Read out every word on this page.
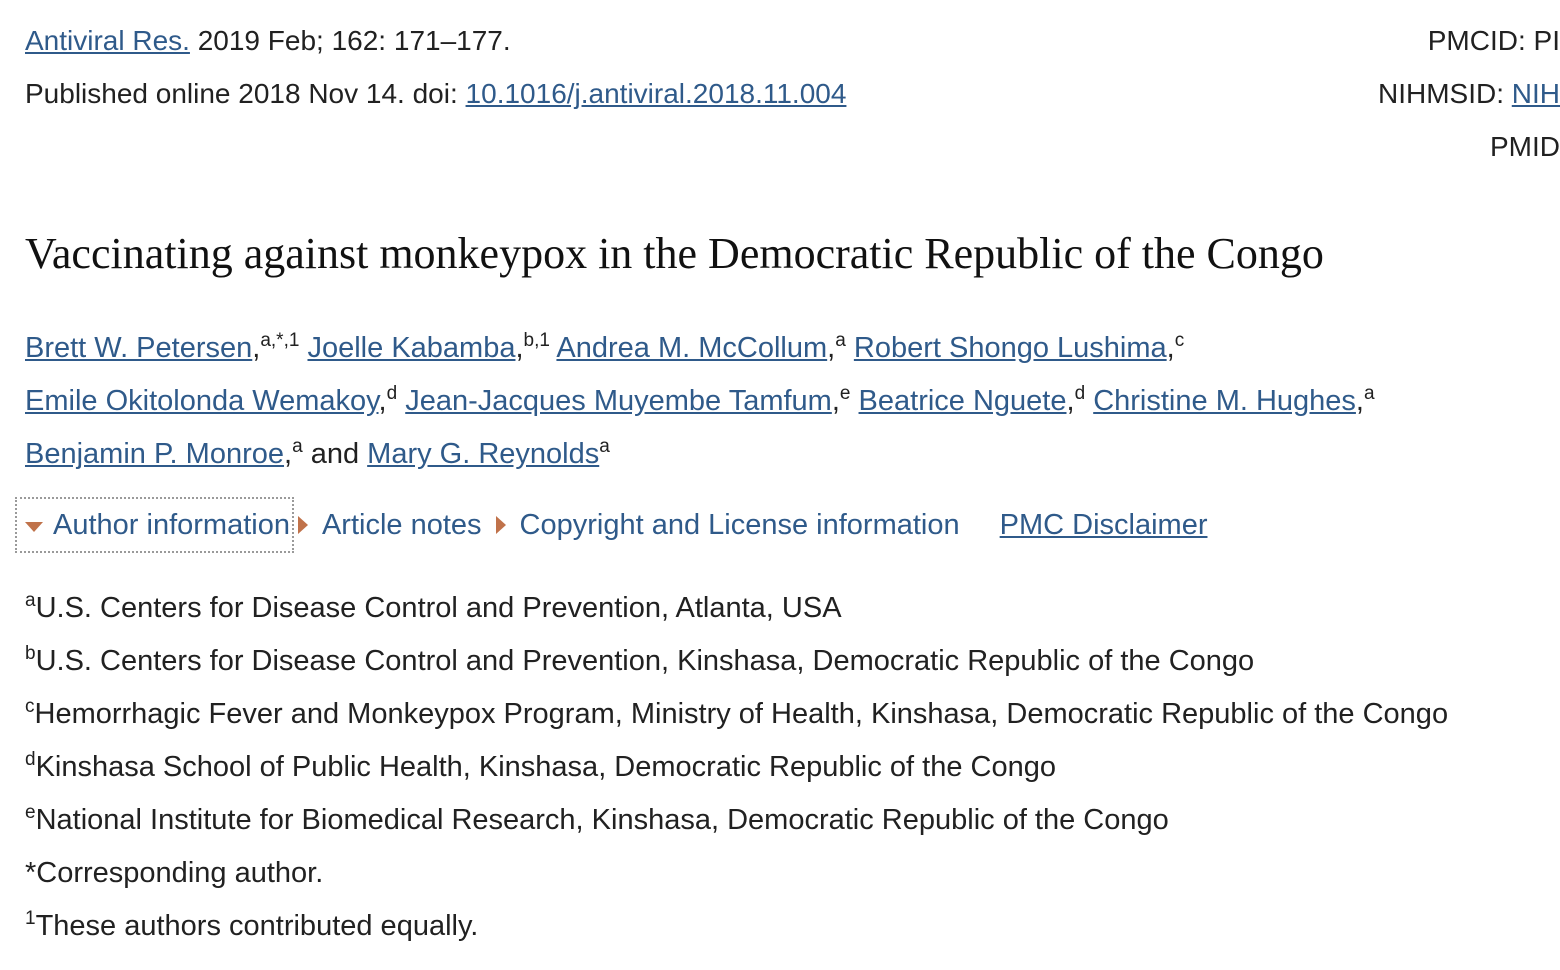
Antiviral Res. 2019 Feb; 162: 171–177.
Published online 2018 Nov 14. doi: 10.1016/j.antiviral.2018.11.004
PMCID: PI
NIHMSID: NIH
PMID
Vaccinating against monkeypox in the Democratic Republic of the Congo
Brett W. Petersen,$^{a,*,1}$ Joelle Kabamba,$^{b,1}$ Andrea M. McCollum,$^a$ Robert Shongo Lushima,$^c$
Emile Okitolonda Wemakoy,$^d$ Jean-Jacques Muyembe Tamfum,$^e$ Beatrice Nguete,$^d$ Christine M. Hughes,$^a$
Benjamin P. Monroe,$^a$ and Mary G. Reynolds$^a$
Author information Article notes Copyright and License information PMC Disclaimer
$^a$U.S. Centers for Disease Control and Prevention, Atlanta, USA
$^b$U.S. Centers for Disease Control and Prevention, Kinshasa, Democratic Republic of the Congo
$^c$Hemorrhagic Fever and Monkeypox Program, Ministry of Health, Kinshasa, Democratic Republic of the Congo
$^d$Kinshasa School of Public Health, Kinshasa, Democratic Republic of the Congo
$^e$National Institute for Biomedical Research, Kinshasa, Democratic Republic of the Congo
*Corresponding author.
$^1$These authors contributed equally.
